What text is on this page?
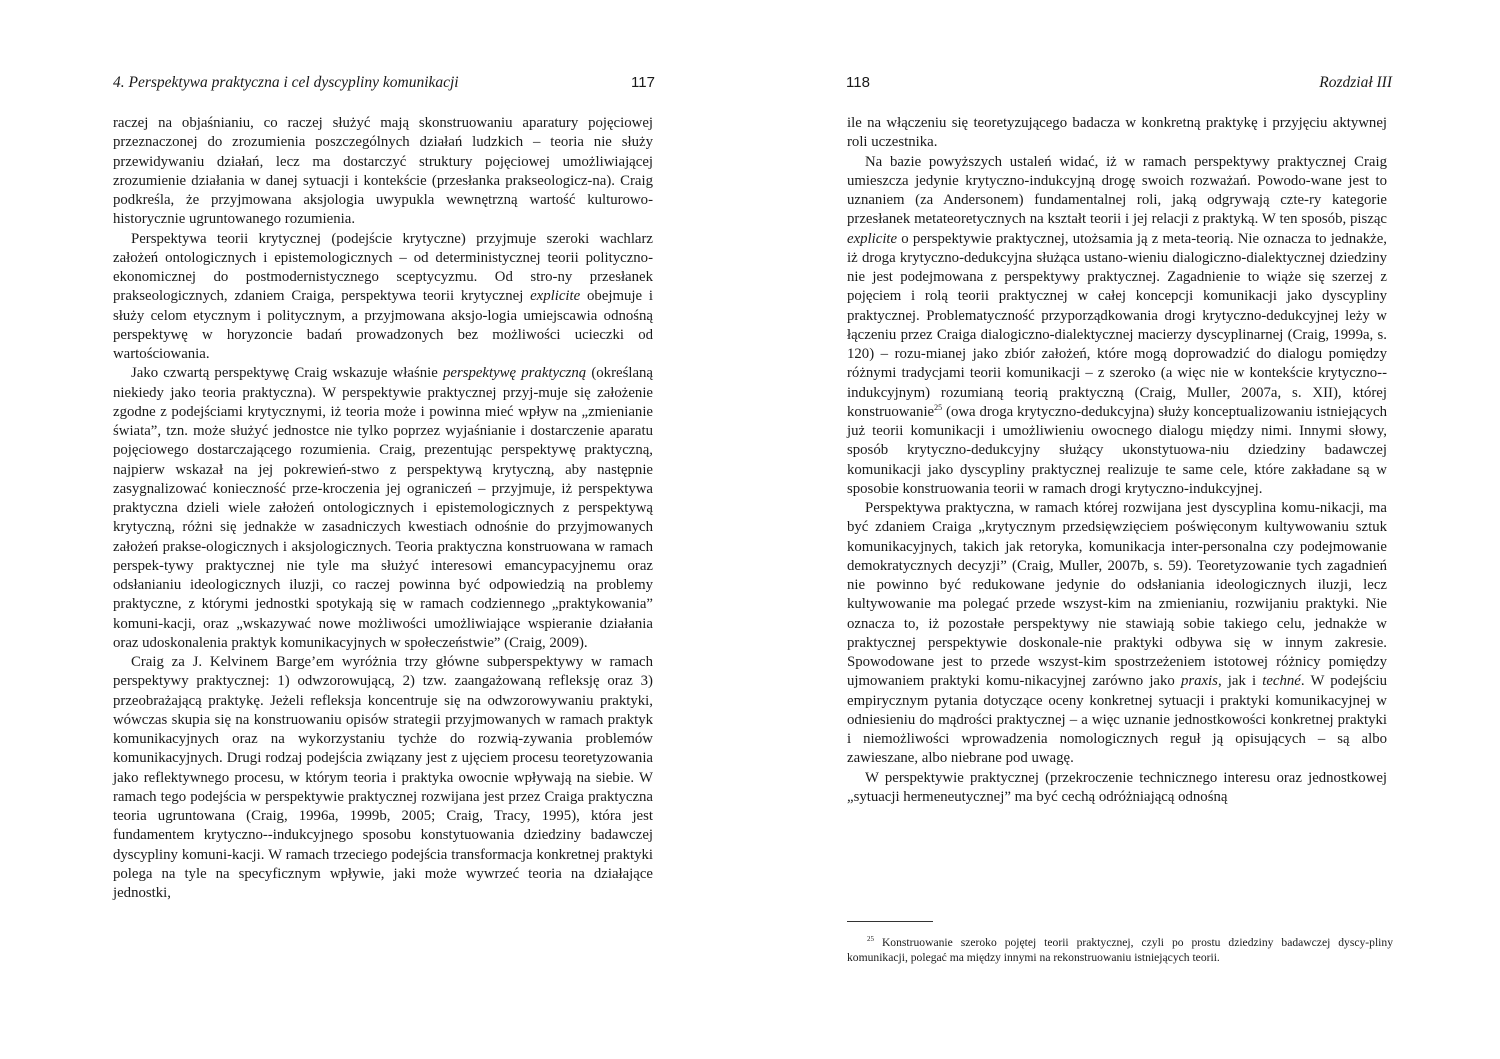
4. Perspektywa praktyczna i cel dyscypliny komunikacji	117

raczej na objaśnianiu, co raczej służyć mają skonstruowaniu aparatury pojęciowej przeznaczonej do zrozumienia poszczególnych działań ludzkich – teoria nie służy przewidywaniu działań, lecz ma dostarczyć struktury pojęciowej umożliwiającej zrozumienie działania w danej sytuacji i kontekście (przesłanka prakseologicz-na). Craig podkreśla, że przyjmowana aksjologia uwypukla wewnętrzną wartość kulturowo-historycznie ugruntowanego rozumienia.

Perspektywa teorii krytycznej (podejście krytyczne) przyjmuje szeroki wachlarz założeń ontologicznych i epistemologicznych – od deterministycznej teorii polityczno-ekonomicznej do postmodernistycznego sceptycyzmu. Od stro-ny przesłanek prakseologicznych, zdaniem Craiga, perspektywa teorii krytycznej explicite obejmuje i służy celom etycznym i politycznym, a przyjmowana aksjo-logia umiejscawia odnośną perspektywę w horyzoncie badań prowadzonych bez możliwości ucieczki od wartościowania.

Jako czwartą perspektywę Craig wskazuje właśnie perspektywę praktyczną (określaną niekiedy jako teoria praktyczna). W perspektywie praktycznej przyj-muje się założenie zgodne z podejściami krytycznymi, iż teoria może i powinna mieć wpływ na „zmienianie świata”, tzn. może służyć jednostce nie tylko poprzez wyjaśnianie i dostarczenie aparatu pojęciowego dostarczającego rozumienia. Craig, prezentując perspektywę praktyczną, najpierw wskazał na jej pokrewień-stwo z perspektywą krytyczną, aby następnie zasygnalizować konieczność prze-kroczenia jej ograniczeń – przyjmuje, iż perspektywa praktyczna dzieli wiele założeń ontologicznych i epistemologicznych z perspektywą krytyczną, różni się jednakże w zasadniczych kwestiach odnośnie do przyjmowanych założeń prakse-ologicznych i aksjologicznych. Teoria praktyczna konstruowana w ramach perspek-tywy praktycznej nie tyle ma służyć interesowi emancypacyjnemu oraz odsłanianiu ideologicznych iluzji, co raczej powinna być odpowiedzią na problemy praktyczne, z którymi jednostki spotykają się w ramach codziennego „praktykowania” komuni-kacji, oraz „wskazywać nowe możliwości umożliwiające wspieranie działania oraz udoskonalenia praktyk komunikacyjnych w społeczeństwie” (Craig, 2009).

Craig za J. Kelvinem Barge’em wyróżnia trzy główne subperspektywy w ramach perspektywy praktycznej: 1) odwzorowującą, 2) tzw. zaangażowaną refleksję oraz 3) przeobrażającą praktykę. Jeżeli refleksja koncentruje się na odwzorowywaniu praktyki, wówczas skupia się na konstruowaniu opisów strategii przyjmowanych w ramach praktyk komunikacyjnych oraz na wykorzystaniu tychże do rozwią-zywania problemów komunikacyjnych. Drugi rodzaj podejścia związany jest z ujęciem procesu teoretyzowania jako reflektywnego procesu, w którym teoria i praktyka owocnie wpływają na siebie. W ramach tego podejścia w perspektywie praktycznej rozwijana jest przez Craiga praktyczna teoria ugruntowana (Craig, 1996a, 1999b, 2005; Craig, Tracy, 1995), która jest fundamentem krytyczno--indukcyjnego sposobu konstytuowania dziedziny badawczej dyscypliny komuni-kacji. W ramach trzeciego podejścia transformacja konkretnej praktyki polega na tyle na specyficznym wpływie, jaki może wywrzeć teoria na działające jednostki,

118	Rozdział III

ile na włączeniu się teoretyzującego badacza w konkretną praktykę i przyjęciu aktywnej roli uczestnika.

Na bazie powyższych ustaleń widać, iż w ramach perspektywy praktycznej Craig umieszcza jedynie krytyczno-indukcyjną drogę swoich rozważań. Powodo-wane jest to uznaniem (za Andersonem) fundamentalnej roli, jaką odgrywają czte-ry kategorie przesłanek metateoretycznych na kształt teorii i jej relacji z praktyką. W ten sposób, pisząc explicite o perspektywie praktycznej, utożsamia ją z meta-teorią. Nie oznacza to jednakże, iż droga krytyczno-dedukcyjna służąca ustano-wieniu dialogiczno-dialektycznej dziedziny nie jest podejmowana z perspektywy praktycznej. Zagadnienie to wiąże się szerzej z pojęciem i rolą teorii praktycznej w całej koncepcji komunikacji jako dyscypliny praktycznej. Problematyczność przyporządkowania drogi krytyczno-dedukcyjnej leży w łączeniu przez Craiga dialogiczno-dialektycznej macierzy dyscyplinarnej (Craig, 1999a, s. 120) – rozu-mianej jako zbiór założeń, które mogą doprowadzić do dialogu pomiędzy różnymi tradycjami teorii komunikacji – z szeroko (a więc nie w kontekście krytyczno--indukcyjnym) rozumianą teorią praktyczną (Craig, Muller, 2007a, s. XII), której konstruowanie$^{25}$ (owa droga krytyczno-dedukcyjna) służy konceptualizowaniu istniejących już teorii komunikacji i umożliwieniu owocnego dialogu między nimi. Innymi słowy, sposób krytyczno-dedukcyjny służący ukonstytuowa-niu dziedziny badawczej komunikacji jako dyscypliny praktycznej realizuje te same cele, które zakładane są w sposobie konstruowania teorii w ramach drogi krytyczno-indukcyjnej.

Perspektywa praktyczna, w ramach której rozwijana jest dyscyplina komu-nikacji, ma być zdaniem Craiga „krytycznym przedsięwzięciem poświęconym kultywowaniu sztuk komunikacyjnych, takich jak retoryka, komunikacja inter-personalna czy podejmowanie demokratycznych decyzji” (Craig, Muller, 2007b, s. 59). Teoretyzowanie tych zagadnień nie powinno być redukowane jedynie do odsłaniania ideologicznych iluzji, lecz kultywowanie ma polegać przede wszyst-kim na zmienianiu, rozwijaniu praktyki. Nie oznacza to, iż pozostałe perspektywy nie stawiają sobie takiego celu, jednakże w praktycznej perspektywie doskonale-nie praktyki odbywa się w innym zakresie. Spowodowane jest to przede wszyst-kim spostrzeżeniem istotowej różnicy pomiędzy ujmowaniem praktyki komu-nikacyjnej zarówno jako praxis, jak i techné. W podejściu empirycznym pytania dotyczące oceny konkretnej sytuacji i praktyki komunikacyjnej w odniesieniu do mądrości praktycznej – a więc uznanie jednostkowości konkretnej praktyki i niemożliwości wprowadzenia nomologicznych reguł ją opisujących – są albo zawieszane, albo niebrane pod uwagę.

W perspektywie praktycznej (przekroczenie technicznego interesu oraz jednostkowej „sytuacji hermeneutycznej” ma być cechą odróżniającą odnośną

$^{25}$ Konstruowanie szeroko pojętej teorii praktycznej, czyli po prostu dziedziny badawczej dyscy-pliny komunikacji, polegać ma między innymi na rekonstruowaniu istniejących teorii.
